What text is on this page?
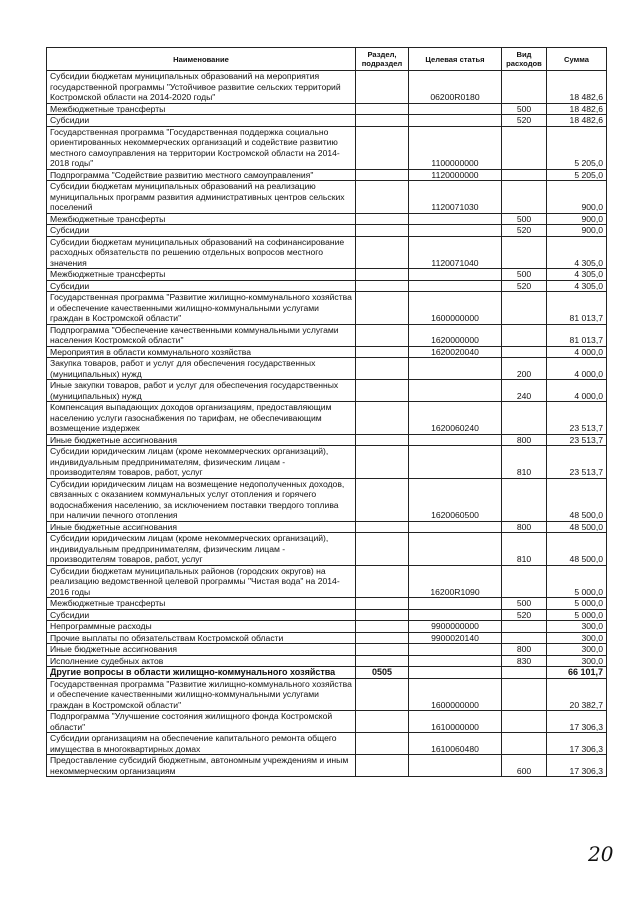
Наименование	Раздел, подраздел	Целевая статья	Вид расходов	Сумма
Субсидии бюджетам муниципальных образований на мероприятия государственной программы "Устойчивое развитие сельских территорий Костромской области на 2014-2020 годы"		06200R0180		18 482,6
Межбюджетные трансферты			500	18 482,6
Субсидии			520	18 482,6
Государственная программа "Государственная поддержка социально ориентированных некоммерческих организаций и содействие развитию местного самоуправления на территории Костромской области на 2014-2018 годы"		1100000000		5 205,0
Подпрограмма "Содействие развитию местного самоуправления"		1120000000		5 205,0
Субсидии бюджетам муниципальных образований на реализацию муниципальных программ развития административных центров сельских поселений		1120071030		900,0
Межбюджетные трансферты			500	900,0
Субсидии			520	900,0
Субсидии бюджетам муниципальных образований на софинансирование расходных обязательств по решению отдельных вопросов местного значения		1120071040		4 305,0
Межбюджетные трансферты			500	4 305,0
Субсидии			520	4 305,0
Государственная программа "Развитие жилищно-коммунального хозяйства и обеспечение качественными жилищно-коммунальными услугами граждан в Костромской области"		1600000000		81 013,7
Подпрограмма "Обеспечение качественными коммунальными услугами населения Костромской области"		1620000000		81 013,7
Мероприятия в области коммунального хозяйства		1620020040		4 000,0
Закупка товаров, работ и услуг для обеспечения государственных (муниципальных) нужд			200	4 000,0
Иные закупки товаров, работ и услуг для обеспечения государственных (муниципальных) нужд			240	4 000,0
Компенсация выпадающих доходов организациям, предоставляющим населению услуги газоснабжения по тарифам, не обеспечивающим возмещение издержек		1620060240		23 513,7
Иные бюджетные ассигнования			800	23 513,7
Субсидии юридическим лицам (кроме некоммерческих организаций), индивидуальным предпринимателям, физическим лицам - производителям товаров, работ, услуг			810	23 513,7
Субсидии юридическим лицам на возмещение недополученных доходов, связанных с оказанием коммунальных услуг отопления и горячего водоснабжения населению, за исключением поставки твердого топлива при наличии печного отопления		1620060500		48 500,0
Иные бюджетные ассигнования			800	48 500,0
Субсидии юридическим лицам (кроме некоммерческих организаций), индивидуальным предпринимателям, физическим лицам - производителям товаров, работ, услуг			810	48 500,0
Субсидии бюджетам муниципальных районов (городских округов) на реализацию ведомственной целевой программы "Чистая вода" на 2014-2016 годы		16200R1090		5 000,0
Межбюджетные трансферты			500	5 000,0
Субсидии			520	5 000,0
Непрограммные расходы		9900000000		300,0
Прочие выплаты по обязательствам Костромской области		9900020140		300,0
Иные бюджетные ассигнования			800	300,0
Исполнение судебных актов			830	300,0
Другие вопросы в области жилищно-коммунального хозяйства	0505			66 101,7
Государственная программа "Развитие жилищно-коммунального хозяйства и обеспечение качественными жилищно-коммунальными услугами граждан в Костромской области"		1600000000		20 382,7
Подпрограмма "Улучшение состояния жилищного фонда Костромской области"		1610000000		17 306,3
Субсидии организациям на обеспечение капитального ремонта общего имущества в многоквартирных домах		1610060480		17 306,3
Предоставление субсидий бюджетным, автономным учреждениям и иным некоммерческим организациям			600	17 306,3
20
